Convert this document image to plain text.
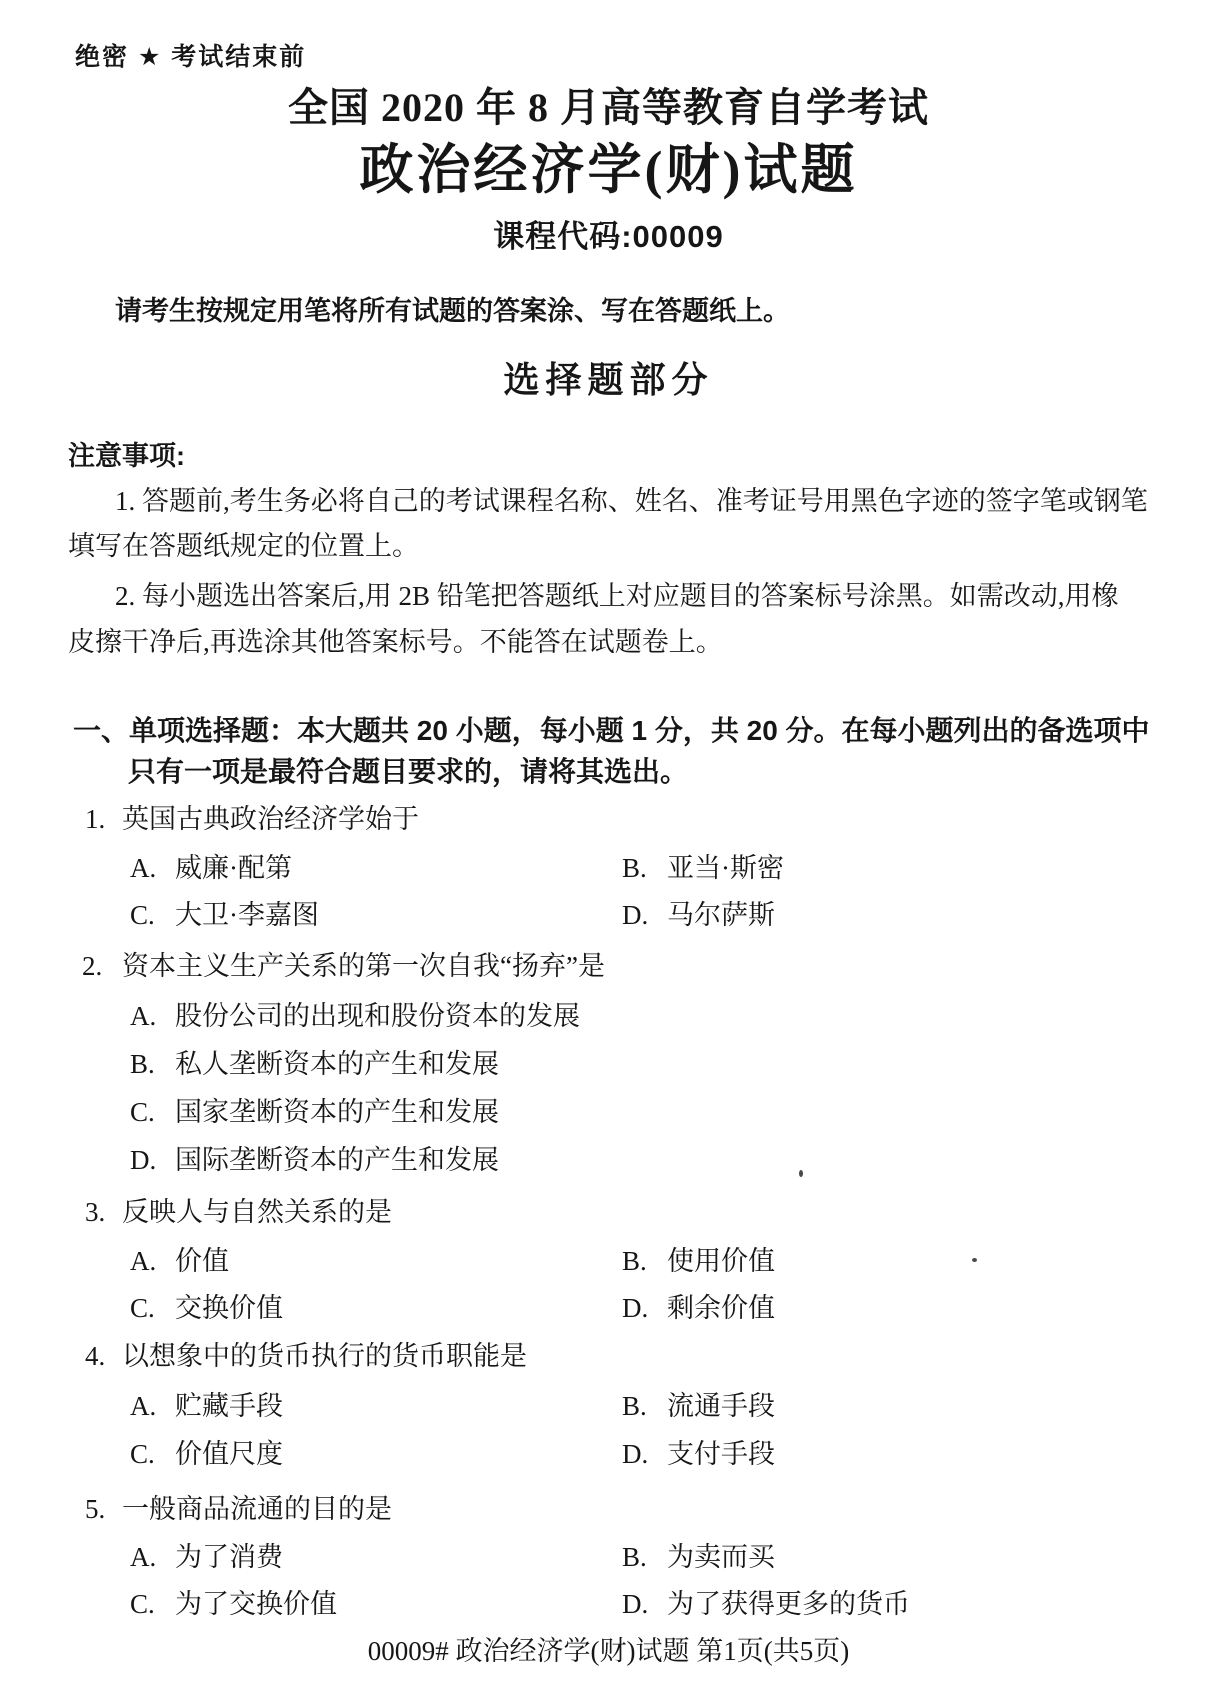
绝密 ★ 考试结束前
全国 2020 年 8 月高等教育自学考试
政治经济学(财)试题
课程代码:00009
请考生按规定用笔将所有试题的答案涂、写在答题纸上。
选择题部分
注意事项:
1. 答题前,考生务必将自己的考试课程名称、姓名、准考证号用黑色字迹的签字笔或钢笔
填写在答题纸规定的位置上。
2. 每小题选出答案后,用 2B 铅笔把答题纸上对应题目的答案标号涂黑。如需改动,用橡
皮擦干净后,再选涂其他答案标号。不能答在试题卷上。
一、单项选择题：本大题共 20 小题，每小题 1 分，共 20 分。在每小题列出的备选项中
只有一项是最符合题目要求的，请将其选出。
1. 英国古典政治经济学始于
A. 威廉·配第	B. 亚当·斯密
C. 大卫·李嘉图	D. 马尔萨斯
2. 资本主义生产关系的第一次自我“扬弃”是
A. 股份公司的出现和股份资本的发展
B. 私人垄断资本的产生和发展
C. 国家垄断资本的产生和发展
D. 国际垄断资本的产生和发展
3. 反映人与自然关系的是
A. 价值	B. 使用价值
C. 交换价值	D. 剩余价值
4. 以想象中的货币执行的货币职能是
A. 贮藏手段	B. 流通手段
C. 价值尺度	D. 支付手段
5. 一般商品流通的目的是
A. 为了消费	B. 为卖而买
C. 为了交换价值	D. 为了获得更多的货币
00009# 政治经济学(财)试题 第1页(共5页)
